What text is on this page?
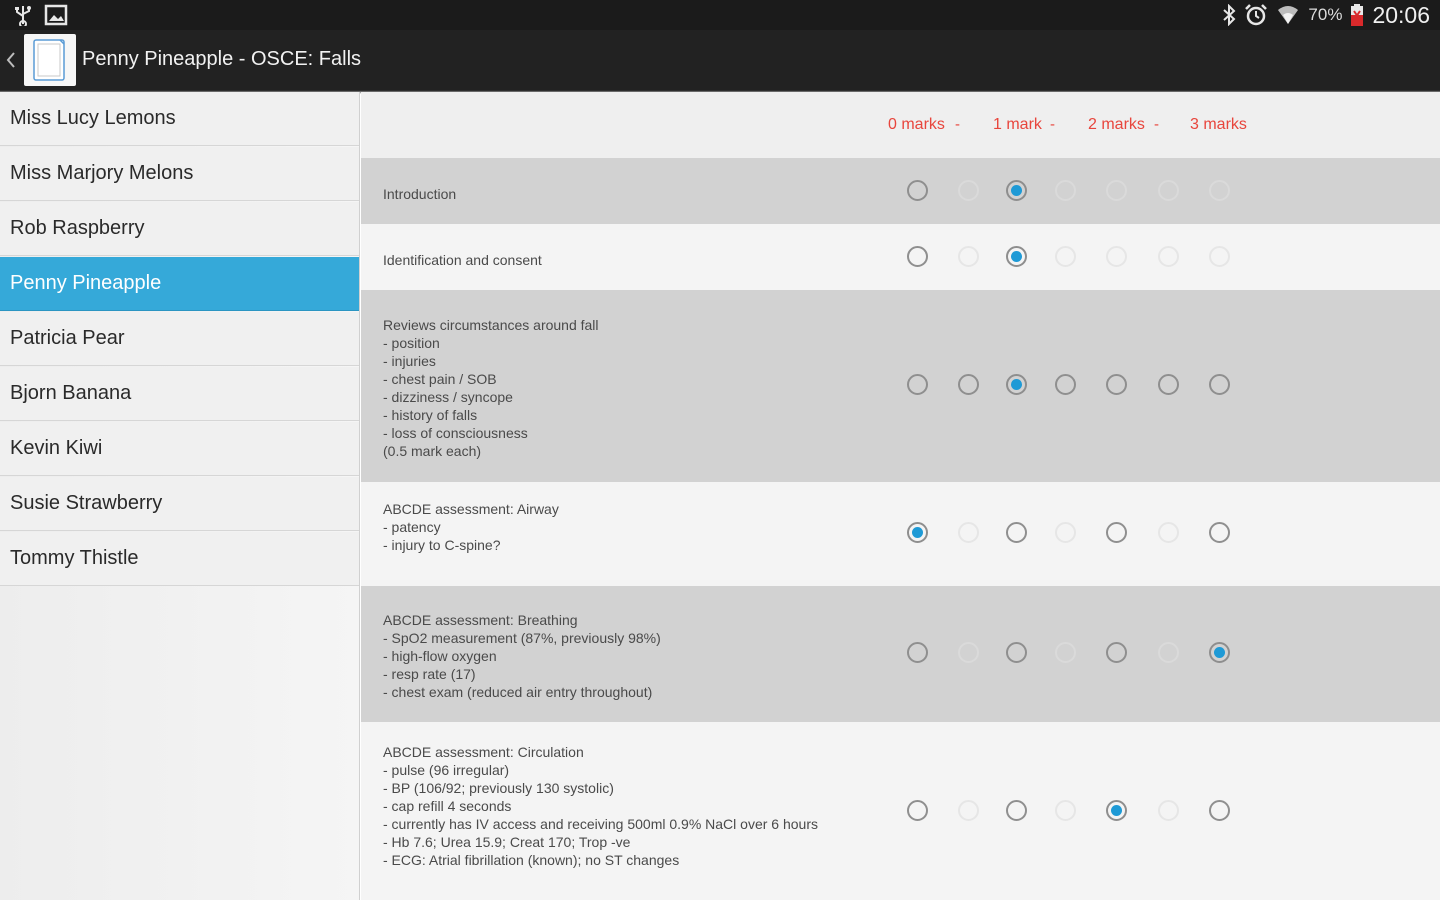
70% 20:06
Penny Pineapple - OSCE: Falls
Miss Lucy Lemons
Miss Marjory Melons
Rob Raspberry
Penny Pineapple
Patricia Pear
Bjorn Banana
Kevin Kiwi
Susie Strawberry
Tommy Thistle
0 marks - 1 mark - 2 marks - 3 marks
Introduction
Identification and consent
Reviews circumstances around fall
- position
- injuries
- chest pain / SOB
- dizziness / syncope
- history of falls
- loss of consciousness
(0.5 mark each)
ABCDE assessment: Airway
- patency
- injury to C-spine?
ABCDE assessment: Breathing
- SpO2 measurement (87%, previously 98%)
- high-flow oxygen
- resp rate (17)
- chest exam (reduced air entry throughout)
ABCDE assessment: Circulation
- pulse (96 irregular)
- BP (106/92; previously 130 systolic)
- cap refill 4 seconds
- currently has IV access and receiving 500ml 0.9% NaCl over 6 hours
- Hb 7.6; Urea 15.9; Creat 170; Trop -ve
- ECG: Atrial fibrillation (known); no ST changes
